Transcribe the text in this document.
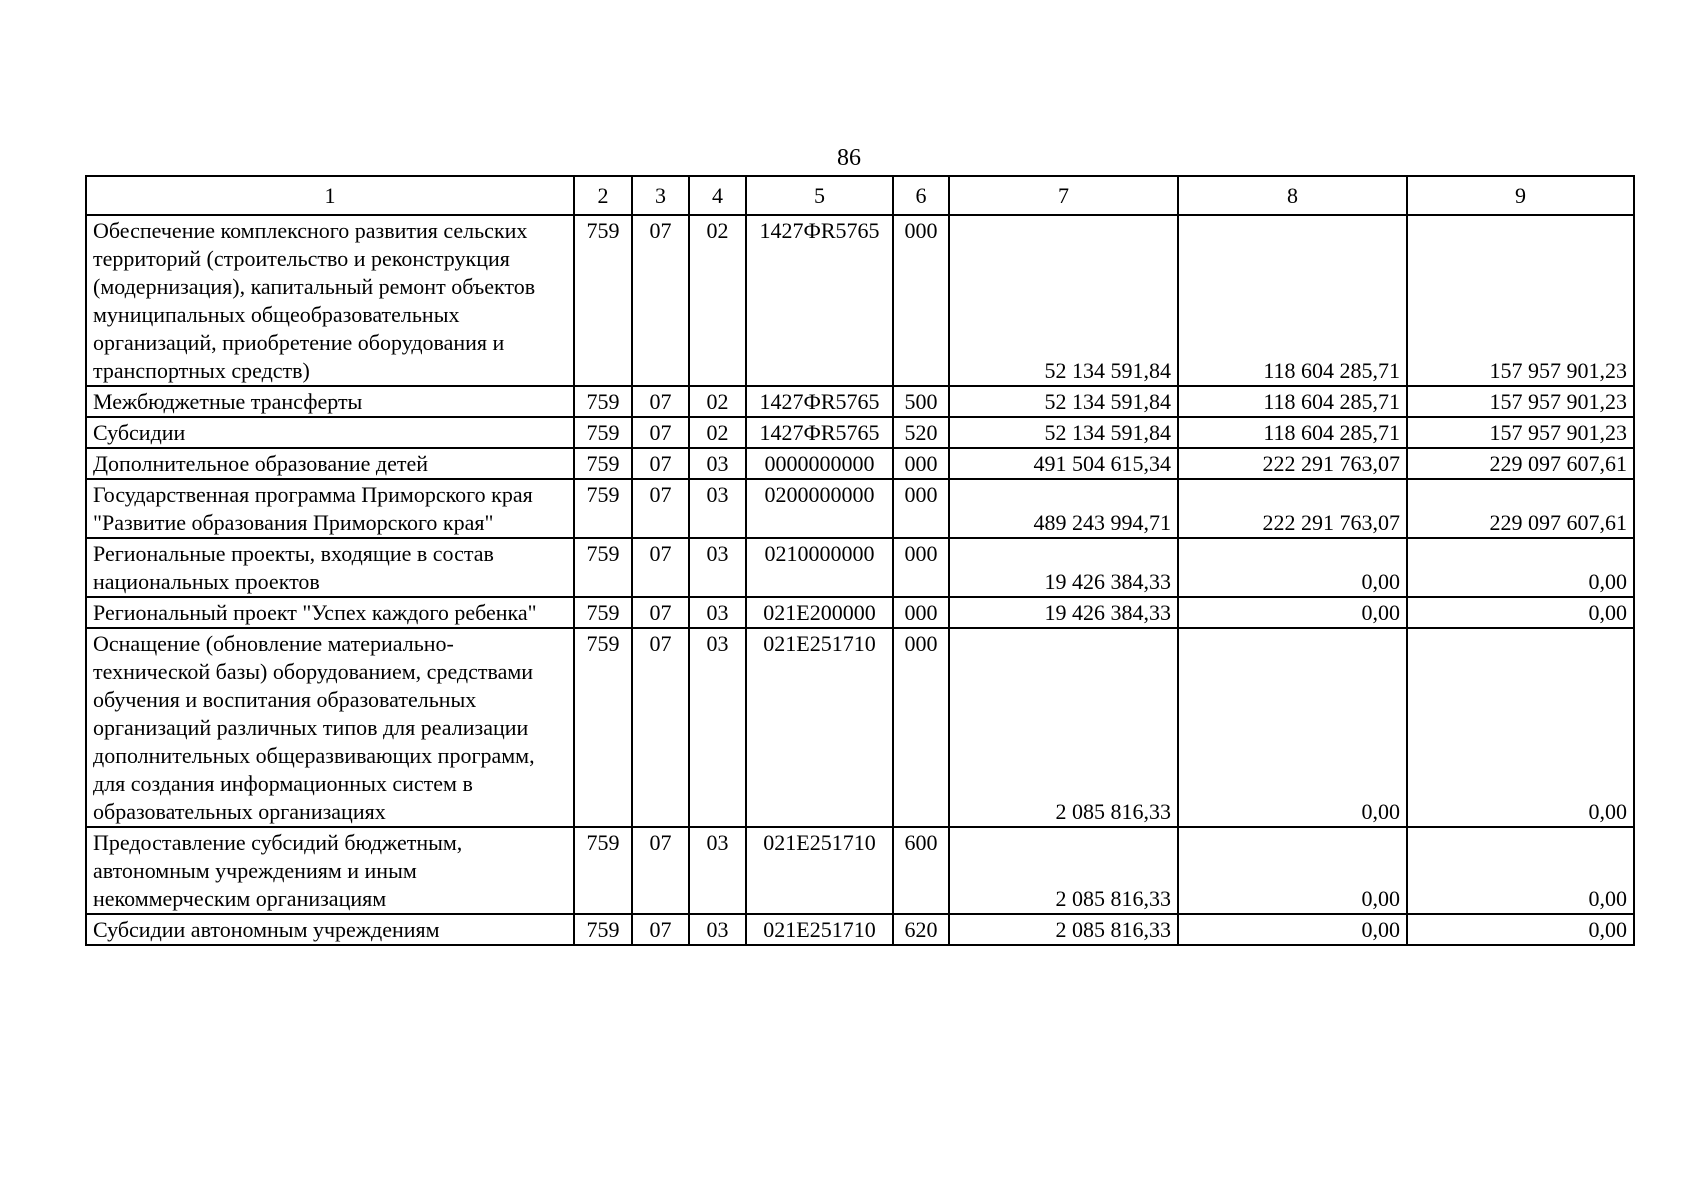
86
1	2	3	4	5	6	7	8	9
Обеспечение комплексного развития сельских территорий (строительство и реконструкция (модернизация), капитальный ремонт объектов муниципальных общеобразовательных организаций, приобретение оборудования и транспортных средств)	759	07	02	1427ФR5765	000	52 134 591,84	118 604 285,71	157 957 901,23
Межбюджетные трансферты	759	07	02	1427ФR5765	500	52 134 591,84	118 604 285,71	157 957 901,23
Субсидии	759	07	02	1427ФR5765	520	52 134 591,84	118 604 285,71	157 957 901,23
Дополнительное образование детей	759	07	03	0000000000	000	491 504 615,34	222 291 763,07	229 097 607,61
Государственная программа Приморского края "Развитие образования Приморского края"	759	07	03	0200000000	000	489 243 994,71	222 291 763,07	229 097 607,61
Региональные проекты, входящие в состав национальных проектов	759	07	03	0210000000	000	19 426 384,33	0,00	0,00
Региональный проект "Успех каждого ребенка"	759	07	03	021E200000	000	19 426 384,33	0,00	0,00
Оснащение (обновление материально-технической базы) оборудованием, средствами обучения и воспитания образовательных организаций различных типов для реализации дополнительных общеразвивающих программ, для создания информационных систем в образовательных организациях	759	07	03	021E251710	000	2 085 816,33	0,00	0,00
Предоставление субсидий бюджетным, автономным учреждениям и иным некоммерческим организациям	759	07	03	021E251710	600	2 085 816,33	0,00	0,00
Субсидии автономным учреждениям	759	07	03	021E251710	620	2 085 816,33	0,00	0,00
